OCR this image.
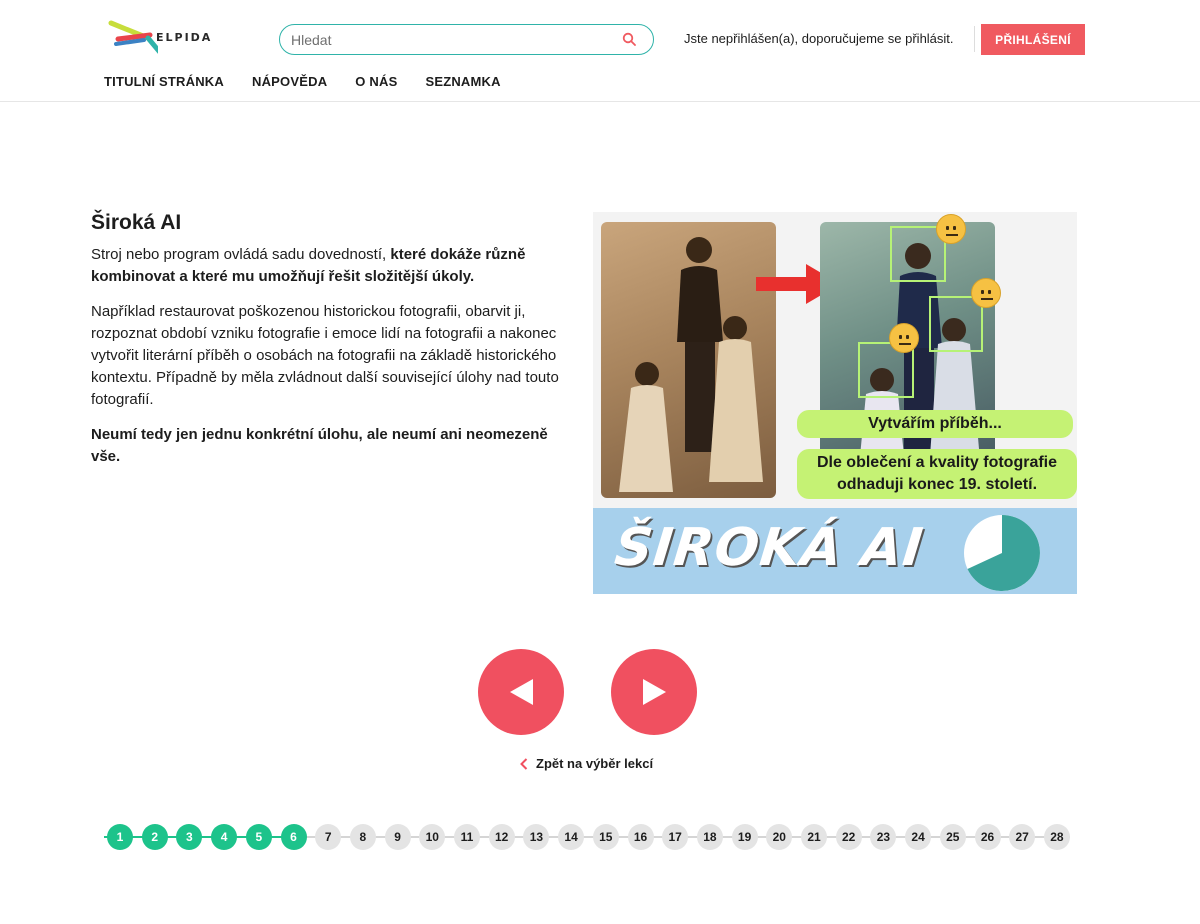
ELPIDA
Hledat	Jste nepřihlášen(a), doporučujeme se přihlásit.	PŘIHLÁŠENÍ
TITULNÍ STRÁNKA NÁPOVĚDA O NÁS SEZNAMKA
Široká AI

Stroj nebo program ovládá sadu dovedností, které dokáže různě kombinovat a které mu umožňují řešit složitější úkoly.

Například restaurovat poškozenou historickou fotografii, obarvit ji, rozpoznat období vzniku fotografie i emoce lidí na fotografii a nakonec vytvořit literární příběh o osobách na fotografii na základě historického kontextu. Případně by měla zvládnout další související úlohy nad touto fotografií.

Neumí tedy jen jednu konkrétní úlohu, ale neumí ani neomezeně vše.

Vytvářím příběh...
Dle oblečení a kvality fotografie
odhaduji konec 19. století.
ŠIROKÁ AI
Zpět na výběr lekcí
1	2	3	4	5	6	7	8	9	10	11	12	13	14	15	16	17	18	19	20	21	22	23	24	25	26	27	28
